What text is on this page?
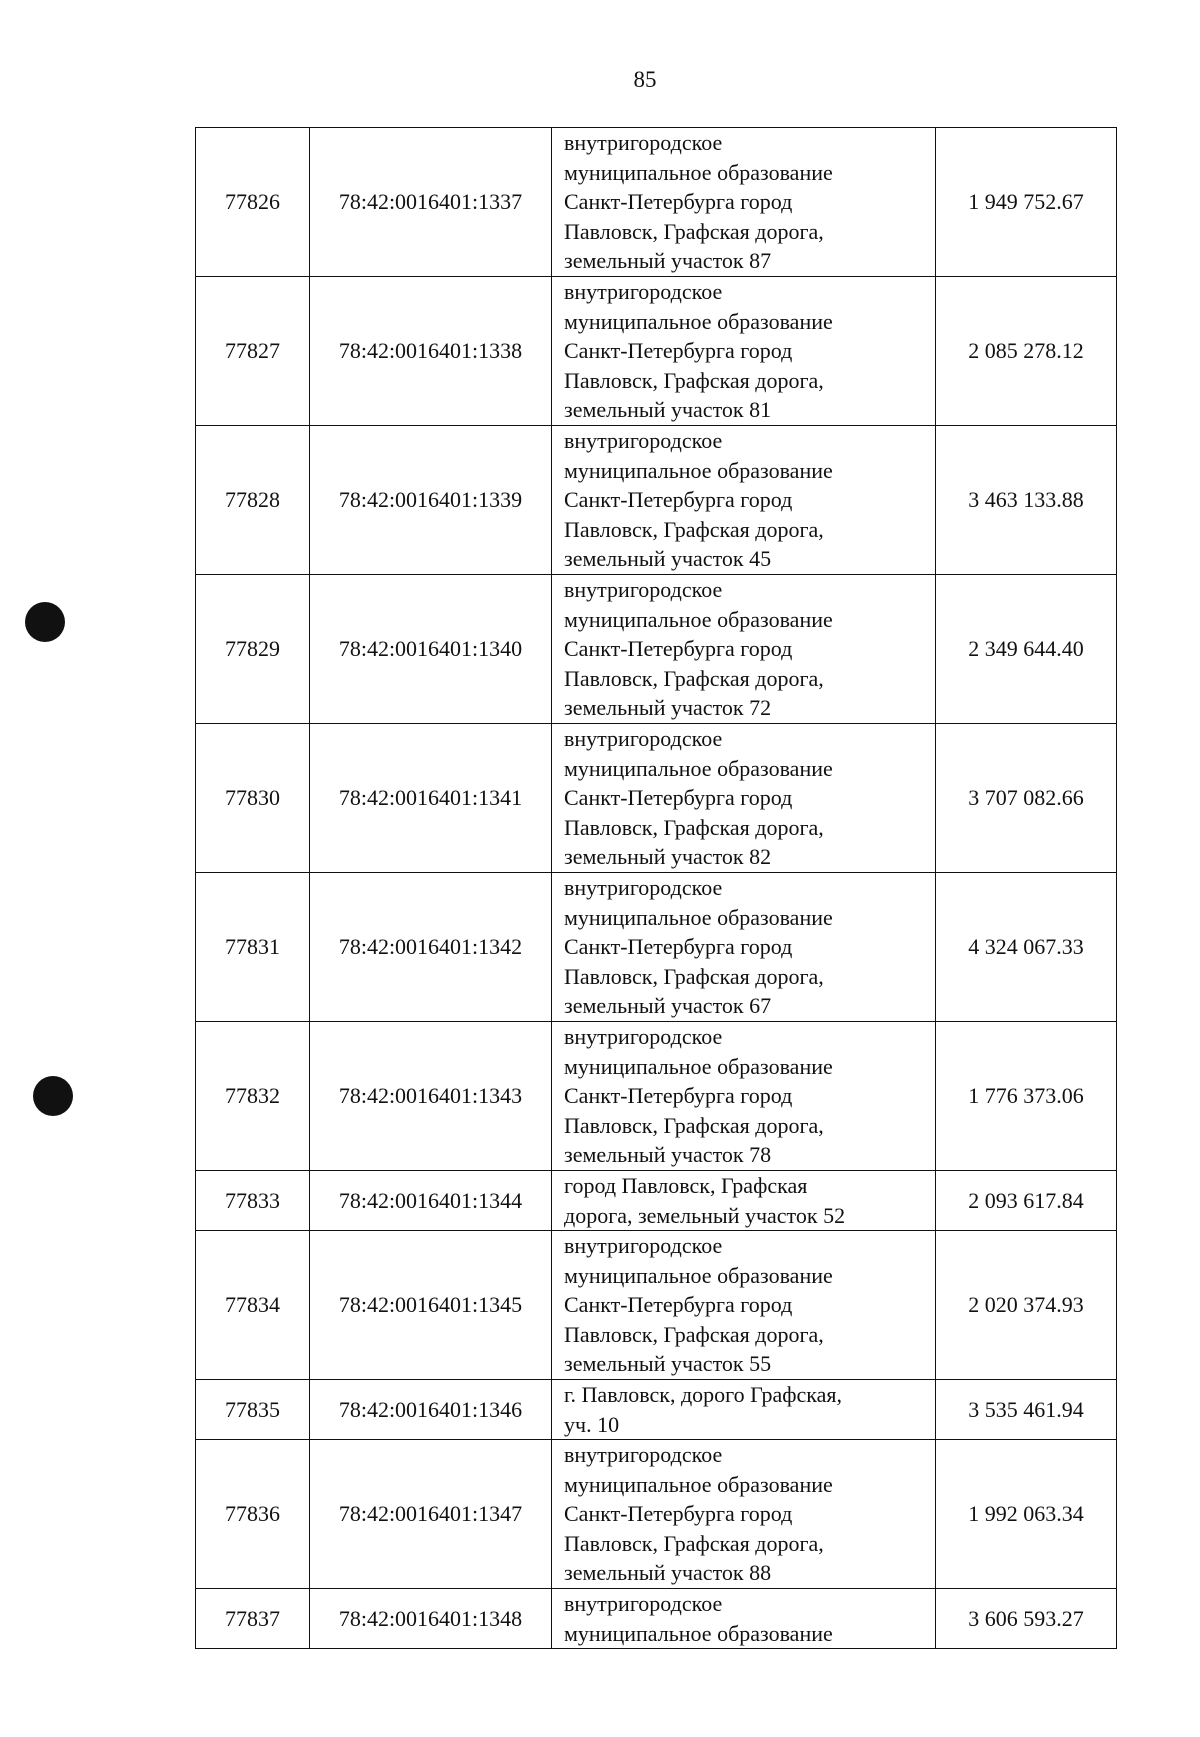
85
77826	78:42:0016401:1337	внутригородское
муниципальное образование
Санкт-Петербурга город
Павловск, Графская дорога,
земельный участок 87	1 949 752.67
77827	78:42:0016401:1338	внутригородское
муниципальное образование
Санкт-Петербурга город
Павловск, Графская дорога,
земельный участок 81	2 085 278.12
77828	78:42:0016401:1339	внутригородское
муниципальное образование
Санкт-Петербурга город
Павловск, Графская дорога,
земельный участок 45	3 463 133.88
77829	78:42:0016401:1340	внутригородское
муниципальное образование
Санкт-Петербурга город
Павловск, Графская дорога,
земельный участок 72	2 349 644.40
77830	78:42:0016401:1341	внутригородское
муниципальное образование
Санкт-Петербурга город
Павловск, Графская дорога,
земельный участок 82	3 707 082.66
77831	78:42:0016401:1342	внутригородское
муниципальное образование
Санкт-Петербурга город
Павловск, Графская дорога,
земельный участок 67	4 324 067.33
77832	78:42:0016401:1343	внутригородское
муниципальное образование
Санкт-Петербурга город
Павловск, Графская дорога,
земельный участок 78	1 776 373.06
77833	78:42:0016401:1344	город Павловск, Графская
дорога, земельный участок 52	2 093 617.84
77834	78:42:0016401:1345	внутригородское
муниципальное образование
Санкт-Петербурга город
Павловск, Графская дорога,
земельный участок 55	2 020 374.93
77835	78:42:0016401:1346	г. Павловск, дорого Графская,
уч. 10	3 535 461.94
77836	78:42:0016401:1347	внутригородское
муниципальное образование
Санкт-Петербурга город
Павловск, Графская дорога,
земельный участок 88	1 992 063.34
77837	78:42:0016401:1348	внутригородское
муниципальное образование	3 606 593.27
